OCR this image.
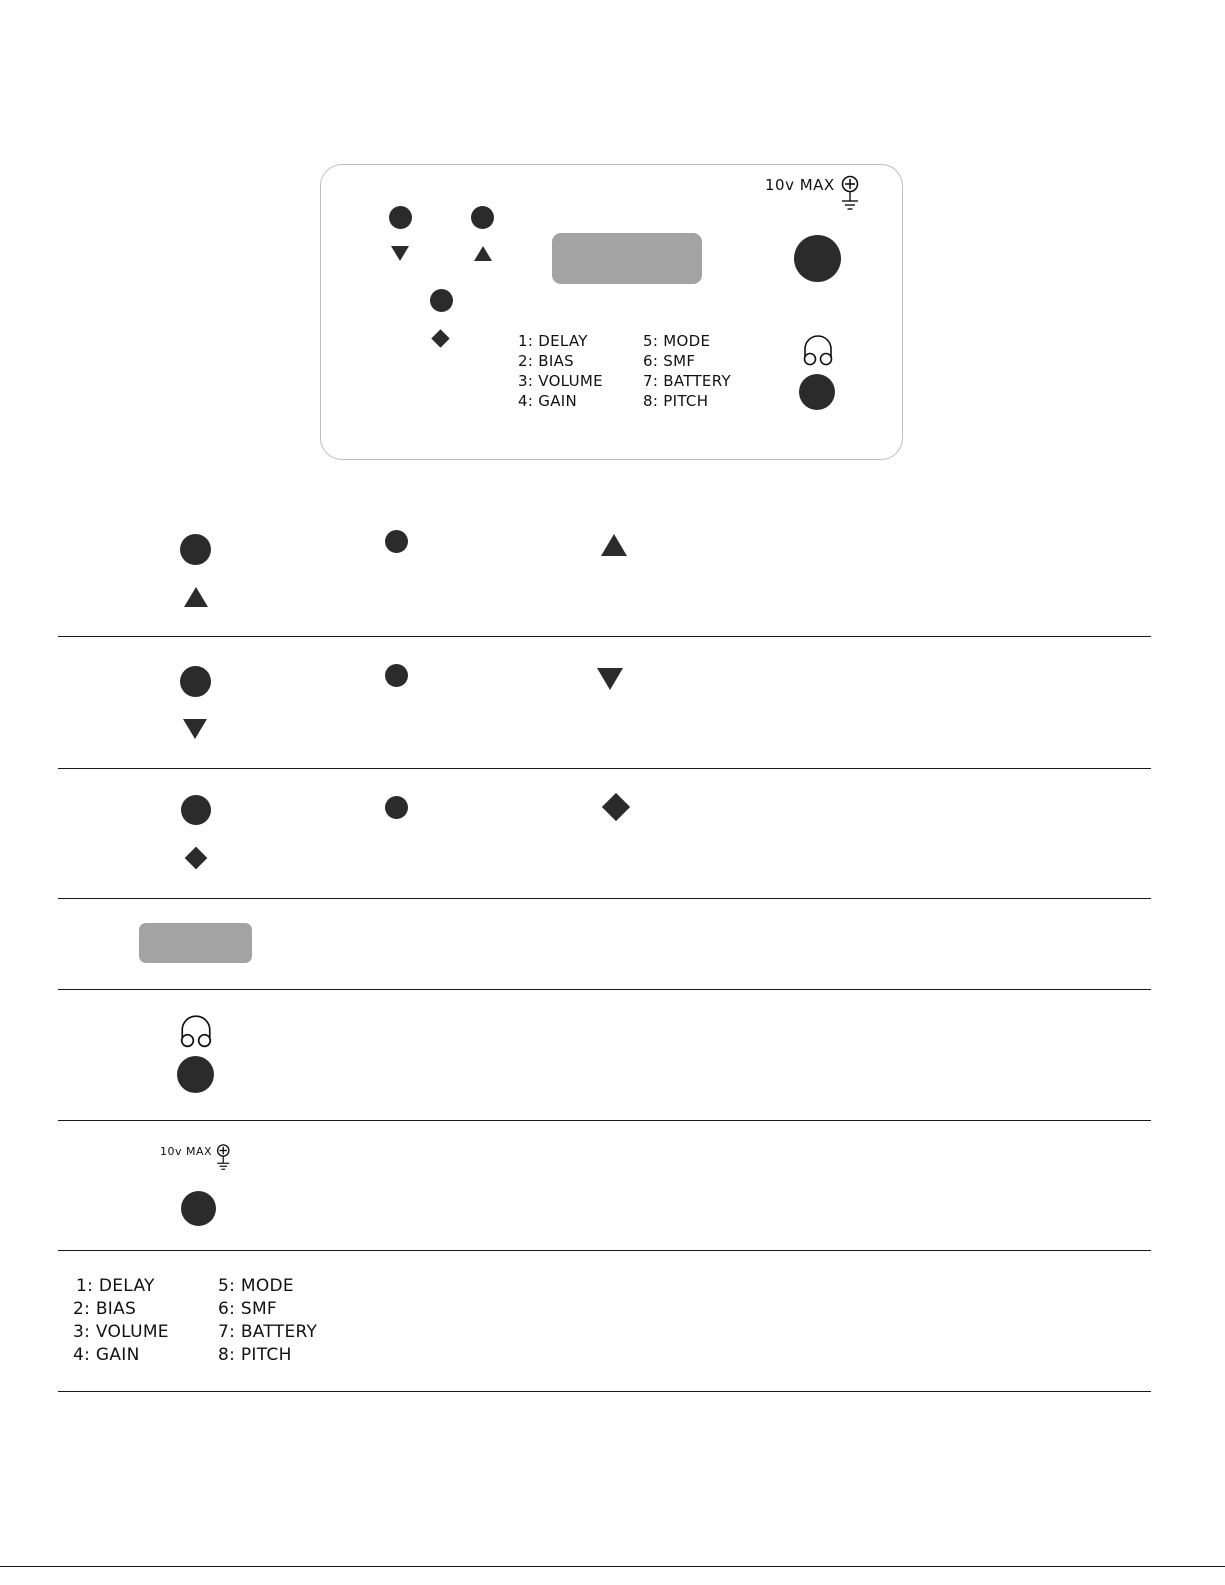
10v MAX
1: DELAY
2: BIAS
3: VOLUME
4: GAIN
5: MODE
6: SMF
7: BATTERY
8: PITCH
10v MAX
1: DELAY
2: BIAS
3: VOLUME
4: GAIN
5: MODE
6: SMF
7: BATTERY
8: PITCH
